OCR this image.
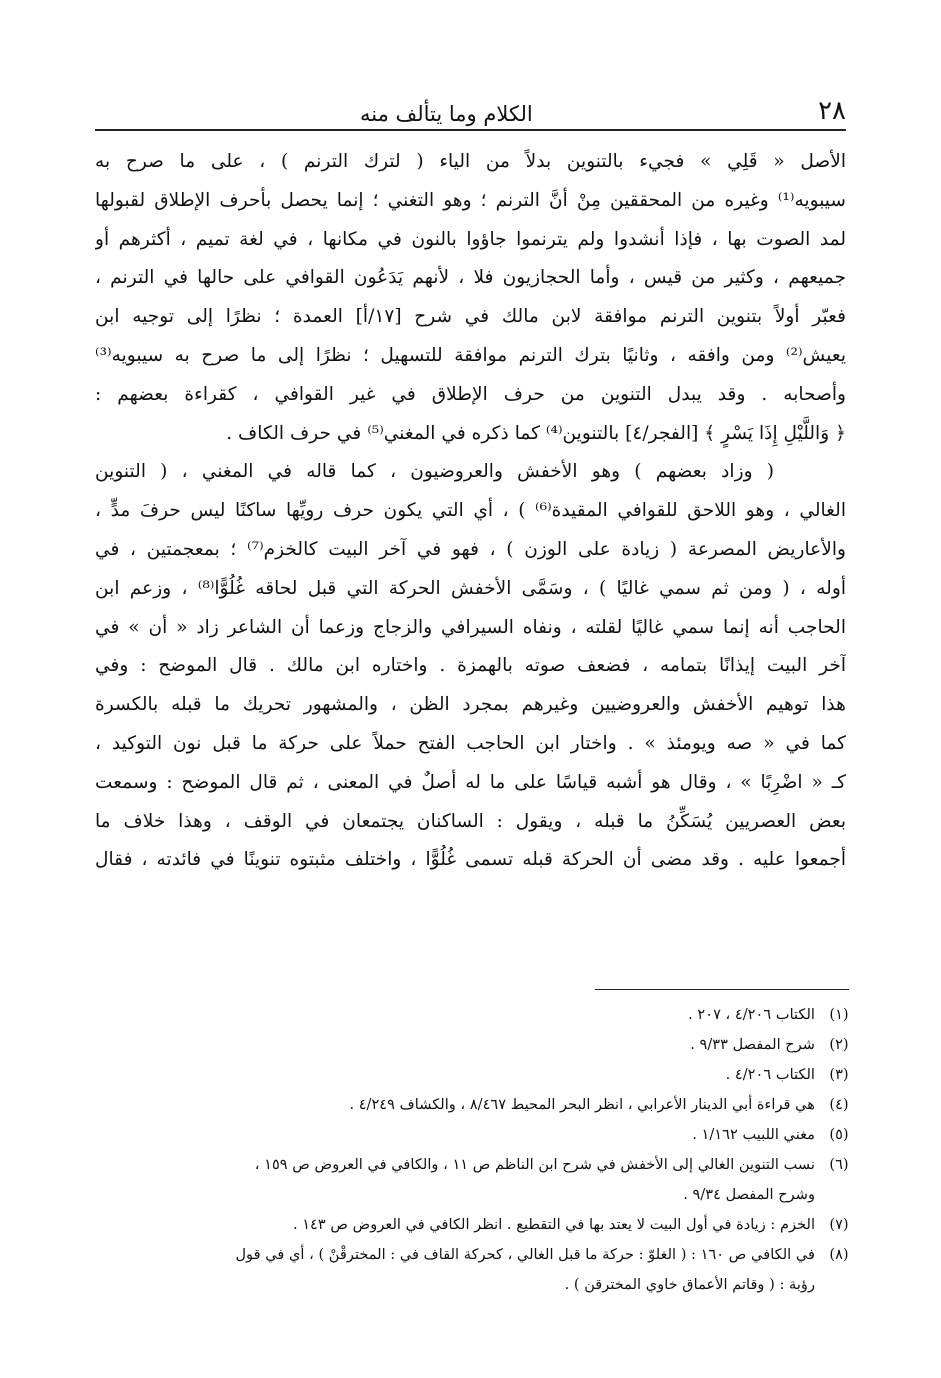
٢٨
الكلام وما يتألف منه
الأصل « قَلِي » فجيء بالتنوين بدلاً من الياء ( لترك الترنم ) ، على ما صرح به
سيبويه⁽¹⁾ وغيره من المحققين مِنْ أنَّ الترنم ؛ وهو التغني ؛ إنما يحصل بأحرف الإطلاق لقبولها
لمد الصوت بها ، فإذا أنشدوا ولم يترنموا جاؤوا بالنون في مكانها ، في لغة تميم ، أكثرهم أو
جميعهم ، وكثير من قيس ، وأما الحجازيون فلا ، لأنهم يَدَعُون القوافي على حالها في الترنم ،
فعبّر أولاً بتنوين الترنم موافقة لابن مالك في شرح [١٧/أ] العمدة ؛ نظرًا إلى توجيه ابن
يعيش⁽²⁾ ومن وافقه ، وثانيًا بترك الترنم موافقة للتسهيل ؛ نظرًا إلى ما صرح به سيبويه⁽³⁾
وأصحابه . وقد يبدل التنوين من حرف الإطلاق في غير القوافي ، كقراءة بعضهم :
﴿ وَاللَّيْلِ إِذَا يَسْرٍ ﴾ [الفجر/٤] بالتنوين⁽⁴⁾ كما ذكره في المغني⁽⁵⁾ في حرف الكاف .
( وزاد بعضهم ) وهو الأخفش والعروضيون ، كما قاله في المغني ، ( التنوين
الغالي ، وهو اللاحق للقوافي المقيدة⁽⁶⁾ ) ، أي التي يكون حرف رويِّها ساكنًا ليس حرفَ مدٍّ ،
والأعاريض المصرعة ( زيادة على الوزن ) ، فهو في آخر البيت كالخزم⁽⁷⁾ ؛ بمعجمتين ، في
أوله ، ( ومن ثم سمي غاليًا ) ، وسَمَّى الأخفش الحركة التي قبل لحاقه غُلُوًّا⁽⁸⁾ ، وزعم ابن
الحاجب أنه إنما سمي غاليًا لقلته ، ونفاه السيرافي والزجاج وزعما أن الشاعر زاد « أن » في
آخر البيت إيذانًا بتمامه ، فضعف صوته بالهمزة . واختاره ابن مالك . قال الموضح : وفي
هذا توهيم الأخفش والعروضيين وغيرهم بمجرد الظن ، والمشهور تحريك ما قبله بالكسرة
كما في « صه ويومئذ » . واختار ابن الحاجب الفتح حملاً على حركة ما قبل نون التوكيد ،
كـ « اضْرِبًا » ، وقال هو أشبه قياسًا على ما له أصلٌ في المعنى ، ثم قال الموضح : وسمعت
بعض العصريين يُسَكِّنُ ما قبله ، ويقول : الساكنان يجتمعان في الوقف ، وهذا خلاف ما
أجمعوا عليه . وقد مضى أن الحركة قبله تسمى غُلُوًّا ، واختلف مثبتوه تنوينًا في فائدته ، فقال
(١)
الكتاب ٤/٢٠٦ ، ٢٠٧ .
(٢)
شرح المفصل ٩/٣٣ .
(٣)
الكتاب ٤/٢٠٦ .
(٤)
هي قراءة أبي الدينار الأعرابي ، انظر البحر المحيط ٨/٤٦٧ ، والكشاف ٤/٢٤٩ .
(٥)
مغني اللبيب ١/١٦٢ .
(٦)
نسب التنوين الغالي إلى الأخفش في شرح ابن الناظم ص ١١ ، والكافي في العروض ص ١٥٩ ،
وشرح المفصل ٩/٣٤ .
(٧)
الخزم : زيادة في أول البيت لا يعتد بها في التقطيع . انظر الكافي في العروض ص ١٤٣ .
(٨)
في الكافي ص ١٦٠ : ( الغلوّ : حركة ما قبل الغالي ، كحركة القاف في : المخترقْنْ ) ، أي في قول
رؤبة : ( وقاتم الأعماق خاوي المخترقن ) .
